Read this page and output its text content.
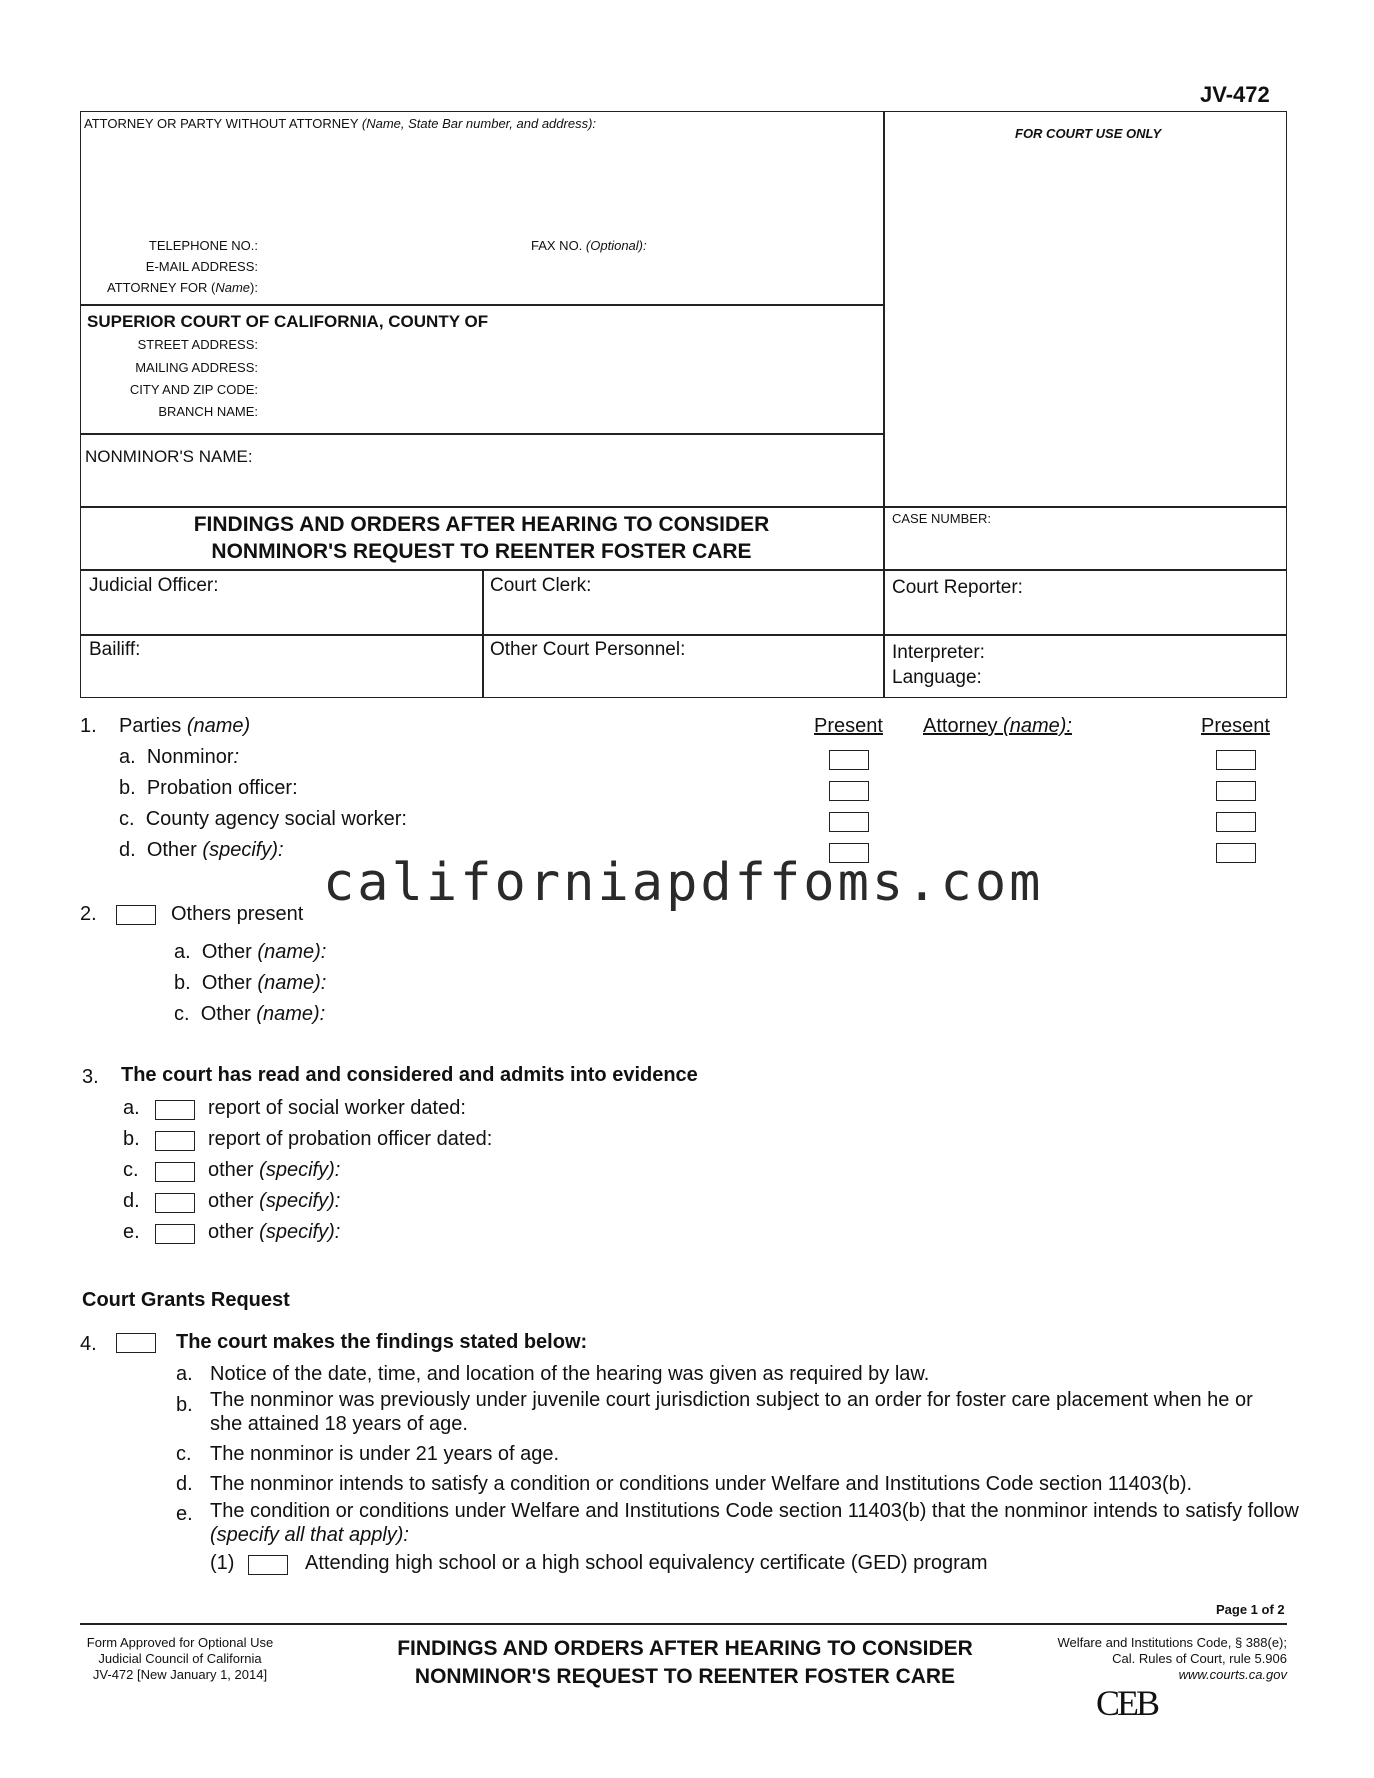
JV-472
ATTORNEY OR PARTY WITHOUT ATTORNEY (Name, State Bar number, and address):
FOR COURT USE ONLY
TELEPHONE NO.:	FAX NO. (Optional):
E-MAIL ADDRESS:
ATTORNEY FOR (Name):
SUPERIOR COURT OF CALIFORNIA, COUNTY OF
STREET ADDRESS:
MAILING ADDRESS:
CITY AND ZIP CODE:
BRANCH NAME:
NONMINOR'S NAME:
FINDINGS AND ORDERS AFTER HEARING TO CONSIDER
NONMINOR'S REQUEST TO REENTER FOSTER CARE
CASE NUMBER:
Judicial Officer:	Court Clerk:	Court Reporter:
Bailiff:	Other Court Personnel:	Interpreter:
Language:
1. Parties (name)	Present Attorney (name):	Present
a. Nonminor:
b. Probation officer:
c. County agency social worker:
d. Other (specify):
californiapdffoms.com
2.	Others present
a. Other (name):
b. Other (name):
c. Other (name):
3. The court has read and considered and admits into evidence
a.	report of social worker dated:
b.	report of probation officer dated:
c.	other (specify):
d.	other (specify):
e.	other (specify):
Court Grants Request
4.	The court makes the findings stated below:
a. Notice of the date, time, and location of the hearing was given as required by law.
b. The nonminor was previously under juvenile court jurisdiction subject to an order for foster care placement when he or
she attained 18 years of age.
c. The nonminor is under 21 years of age.
d. The nonminor intends to satisfy a condition or conditions under Welfare and Institutions Code section 11403(b).
e. The condition or conditions under Welfare and Institutions Code section 11403(b) that the nonminor intends to satisfy follow
(specify all that apply):
(1)	Attending high school or a high school equivalency certificate (GED) program
Page 1 of 2
Form Approved for Optional Use
Judicial Council of California
JV-472 [New January 1, 2014]
FINDINGS AND ORDERS AFTER HEARING TO CONSIDER
NONMINOR'S REQUEST TO REENTER FOSTER CARE
Welfare and Institutions Code, § 388(e);
Cal. Rules of Court, rule 5.906
www.courts.ca.gov
CEB
